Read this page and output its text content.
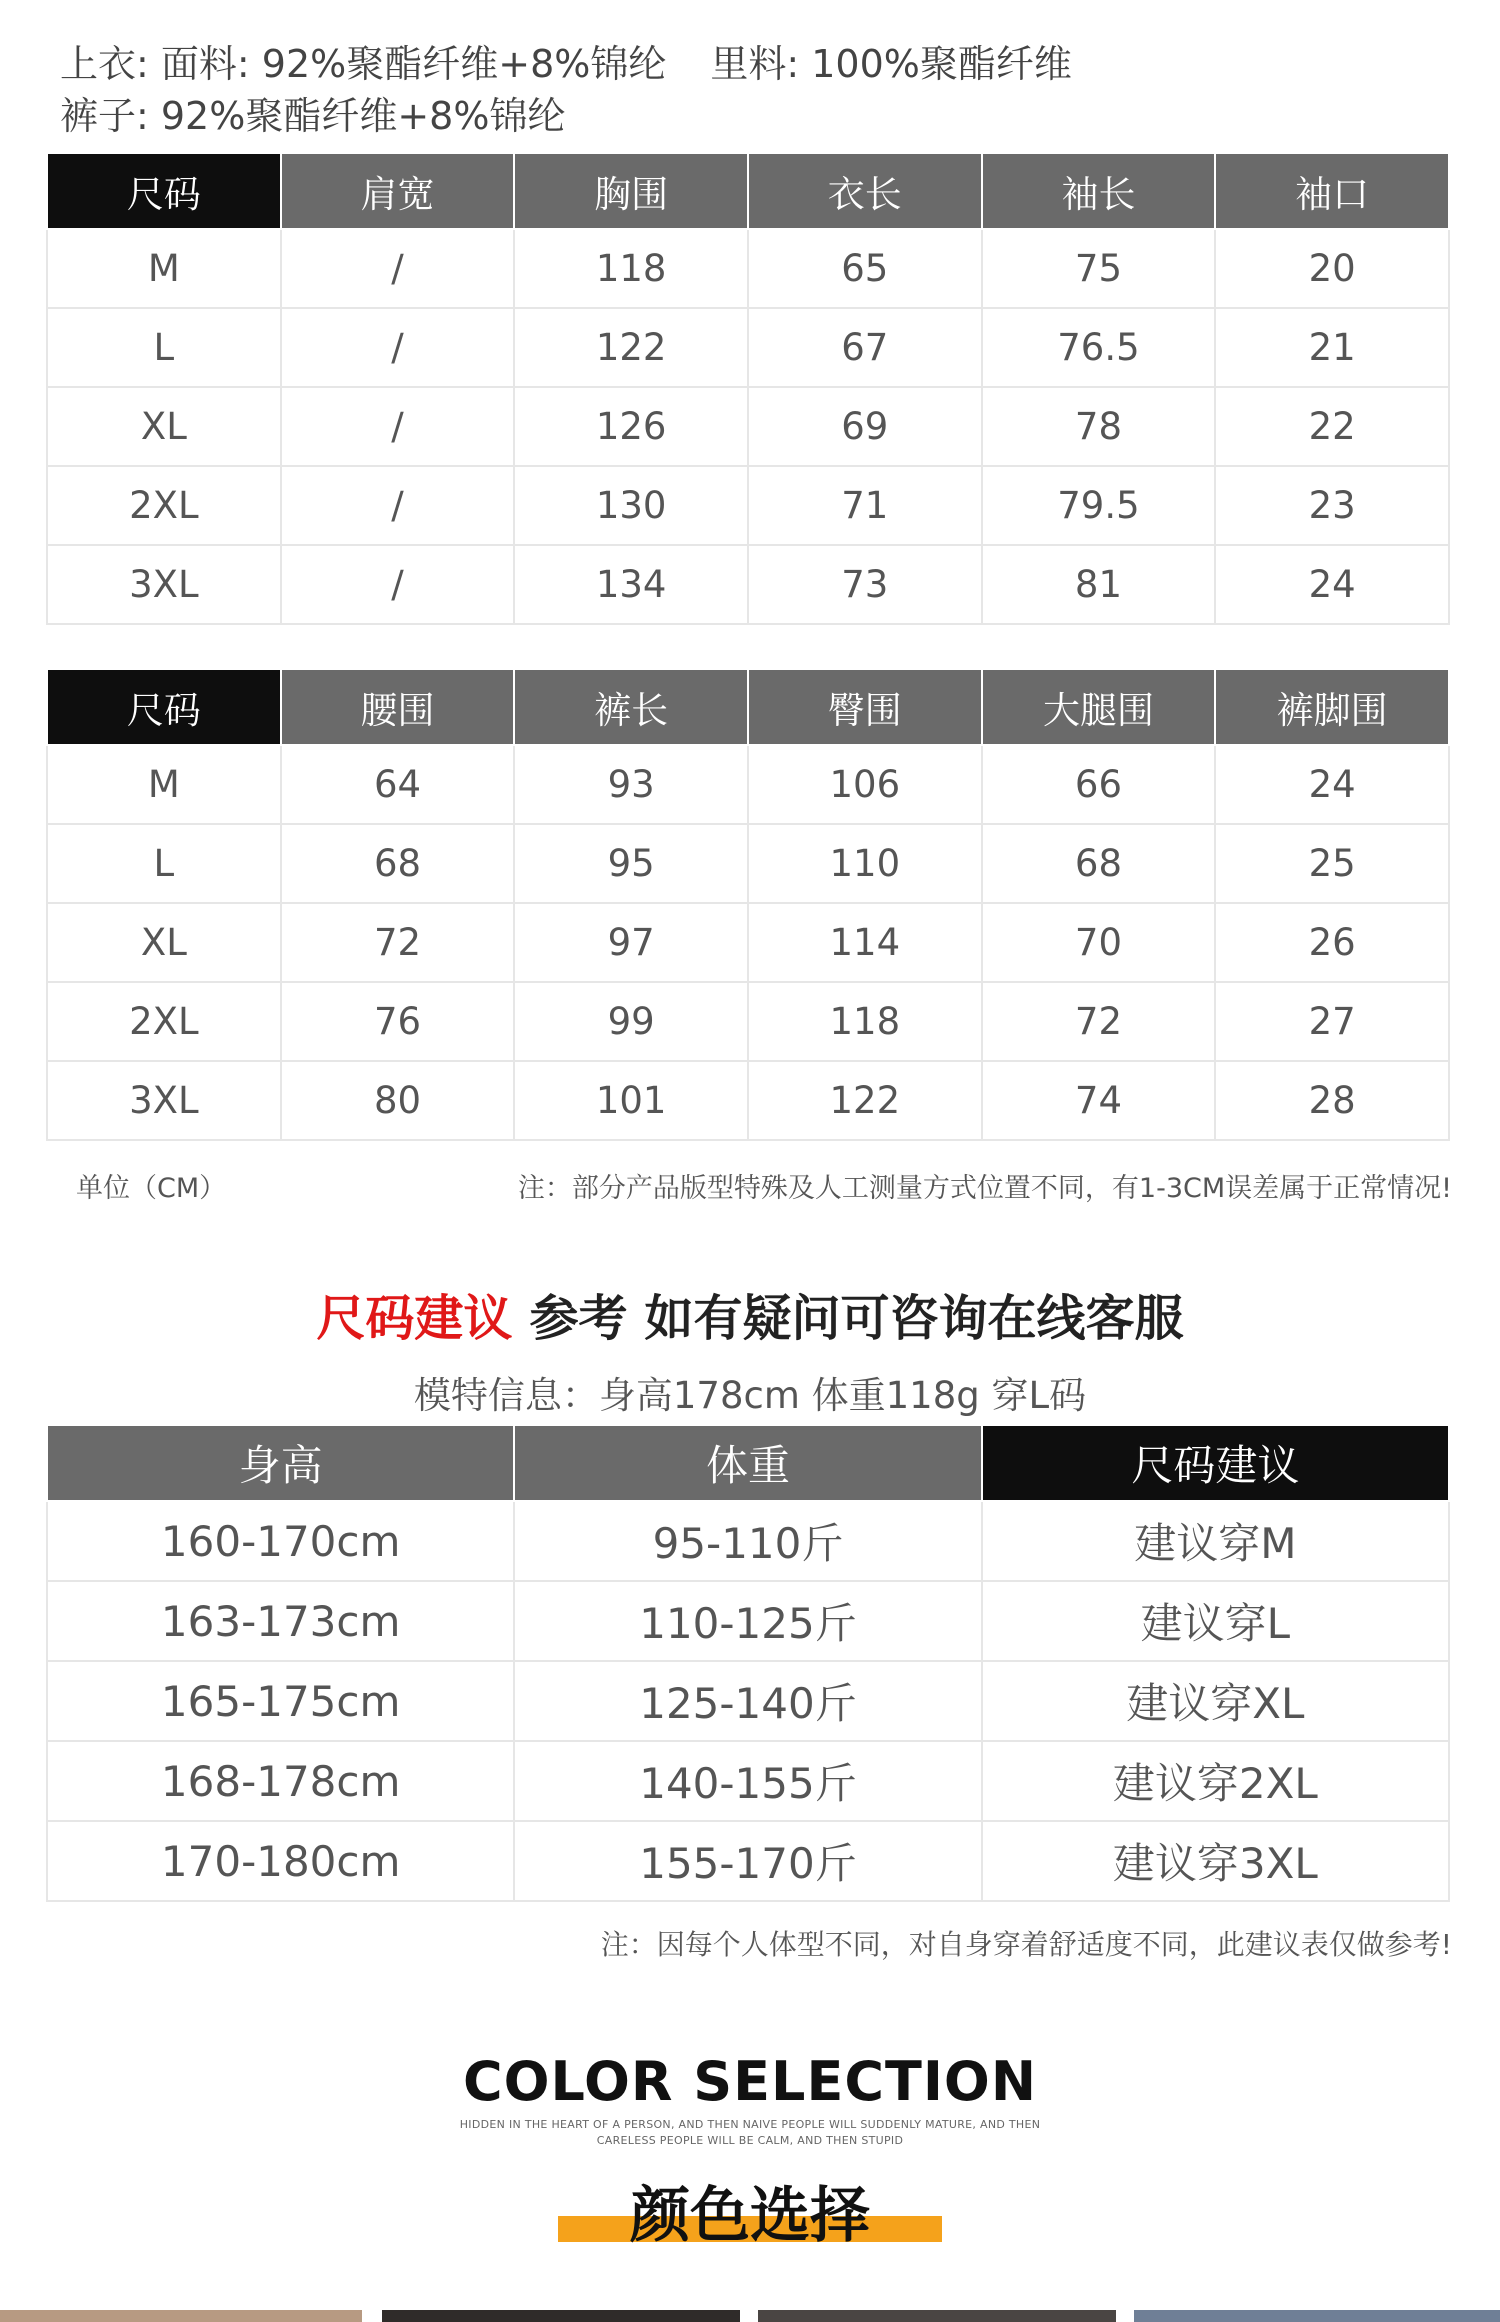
上衣: 面料: 92%聚酯纤维+8%锦纶 里料: 100%聚酯纤维
裤子: 92%聚酯纤维+8%锦纶
尺码	肩宽	胸围	衣长	袖长	袖口
M	/	118	65	75	20
L	/	122	67	76.5	21
XL	/	126	69	78	22
2XL	/	130	71	79.5	23
3XL	/	134	73	81	24
尺码	腰围	裤长	臀围	大腿围	裤脚围
M	64	93	106	66	24
L	68	95	110	68	25
XL	72	97	114	70	26
2XL	76	99	118	72	27
3XL	80	101	122	74	28
单位（CM）	注：部分产品版型特殊及人工测量方式位置不同，有1-3CM误差属于正常情况!
尺码建议 参考 如有疑问可咨询在线客服
模特信息：身高178cm 体重118g 穿L码
身高	体重	尺码建议
160-170cm	95-110斤	建议穿M
163-173cm	110-125斤	建议穿L
165-175cm	125-140斤	建议穿XL
168-178cm	140-155斤	建议穿2XL
170-180cm	155-170斤	建议穿3XL
注：因每个人体型不同，对自身穿着舒适度不同，此建议表仅做参考!
COLOR SELECTION
HIDDEN IN THE HEART OF A PERSON, AND THEN NAIVE PEOPLE WILL SUDDENLY MATURE, AND THEN
CARELESS PEOPLE WILL BE CALM, AND THEN STUPID
颜色选择
